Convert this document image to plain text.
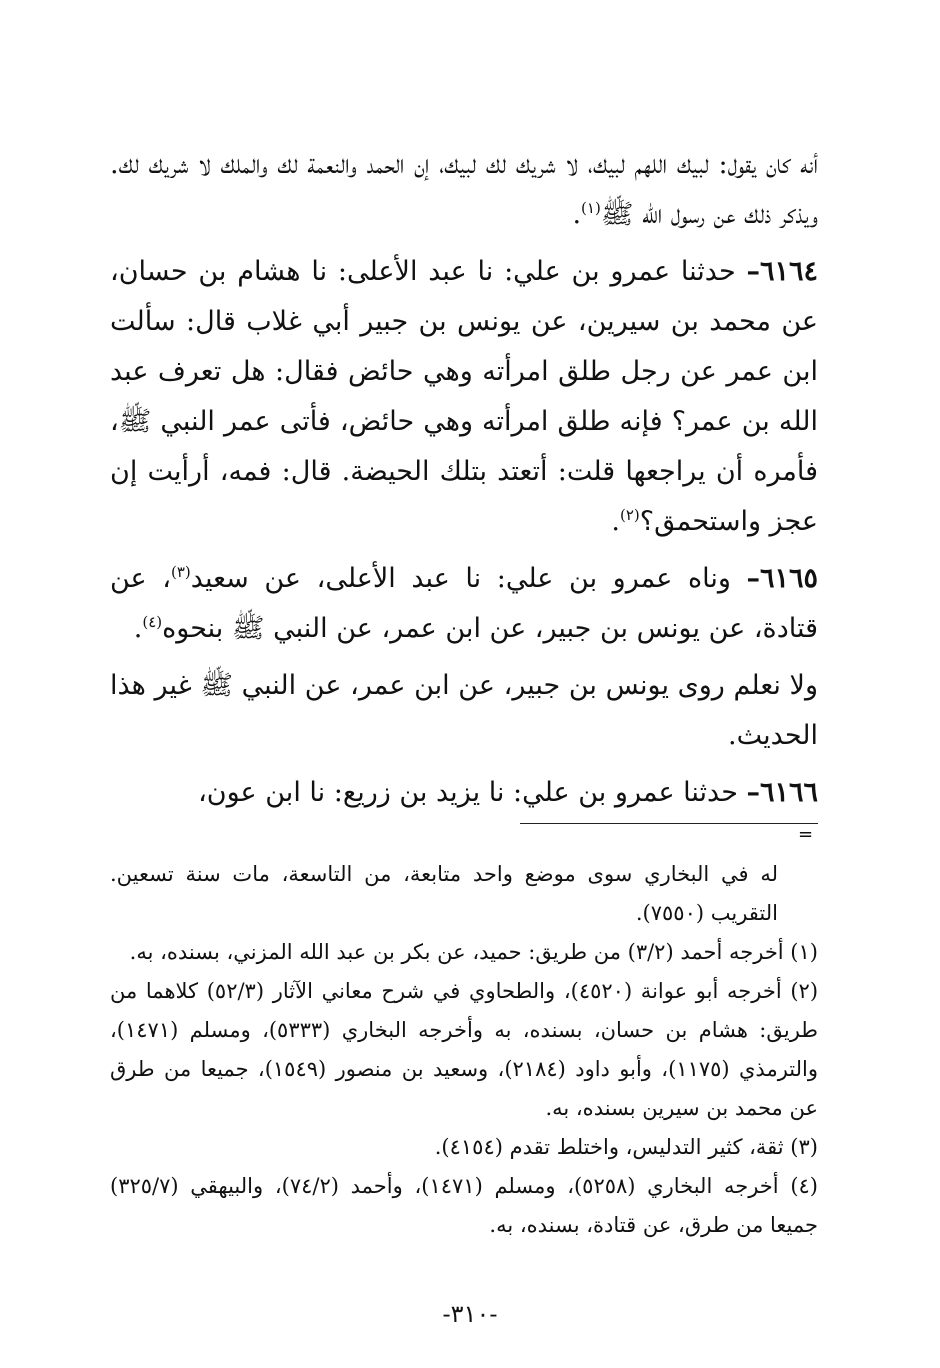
أنه كان يقول: لبيك اللهم لبيك، لا شريك لك لبيك، إن الحمد والنعمة لك والملك لا شريك لك. ويذكر ذلك عن رسول الله ﷺ$^{(١)}$.

٦١٦٤– حدثنا عمرو بن علي: نا عبد الأعلى: نا هشام بن حسان، عن محمد بن سيرين، عن يونس بن جبير أبي غلاب قال: سألت ابن عمر عن رجل طلق امرأته وهي حائض فقال: هل تعرف عبد الله بن عمر؟ فإنه طلق امرأته وهي حائض، فأتى عمر النبي ﷺ، فأمره أن يراجعها قلت: أتعتد بتلك الحيضة. قال: فمه، أرأيت إن عجز واستحمق؟$^{(٢)}$.

٦١٦٥– وناه عمرو بن علي: نا عبد الأعلى، عن سعيد$^{(٣)}$، عن قتادة، عن يونس بن جبير، عن ابن عمر، عن النبي ﷺ بنحوه$^{(٤)}$.

ولا نعلم روى يونس بن جبير، عن ابن عمر، عن النبي ﷺ غير هذا الحديث.

٦١٦٦– حدثنا عمرو بن علي: نا يزيد بن زريع: نا ابن عون،

=

له في البخاري سوى موضع واحد متابعة، من التاسعة، مات سنة تسعين. التقريب (٧٥٥٠).

(١) أخرجه أحمد (٣/٢) من طريق: حميد، عن بكر بن عبد الله المزني، بسنده، به.

(٢) أخرجه أبو عوانة (٤٥٢٠)، والطحاوي في شرح معاني الآثار (٥٢/٣) كلاهما من طريق: هشام بن حسان، بسنده، به وأخرجه البخاري (٥٣٣٣)، ومسلم (١٤٧١)، والترمذي (١١٧٥)، وأبو داود (٢١٨٤)، وسعيد بن منصور (١٥٤٩)، جميعا من طرق عن محمد بن سيرين بسنده، به.

(٣) ثقة، كثير التدليس، واختلط تقدم (٤١٥٤).

(٤) أخرجه البخاري (٥٢٥٨)، ومسلم (١٤٧١)، وأحمد (٧٤/٢)، والبيهقي (٣٢٥/٧) جميعا من طرق، عن قتادة، بسنده، به.

-٣١٠-
